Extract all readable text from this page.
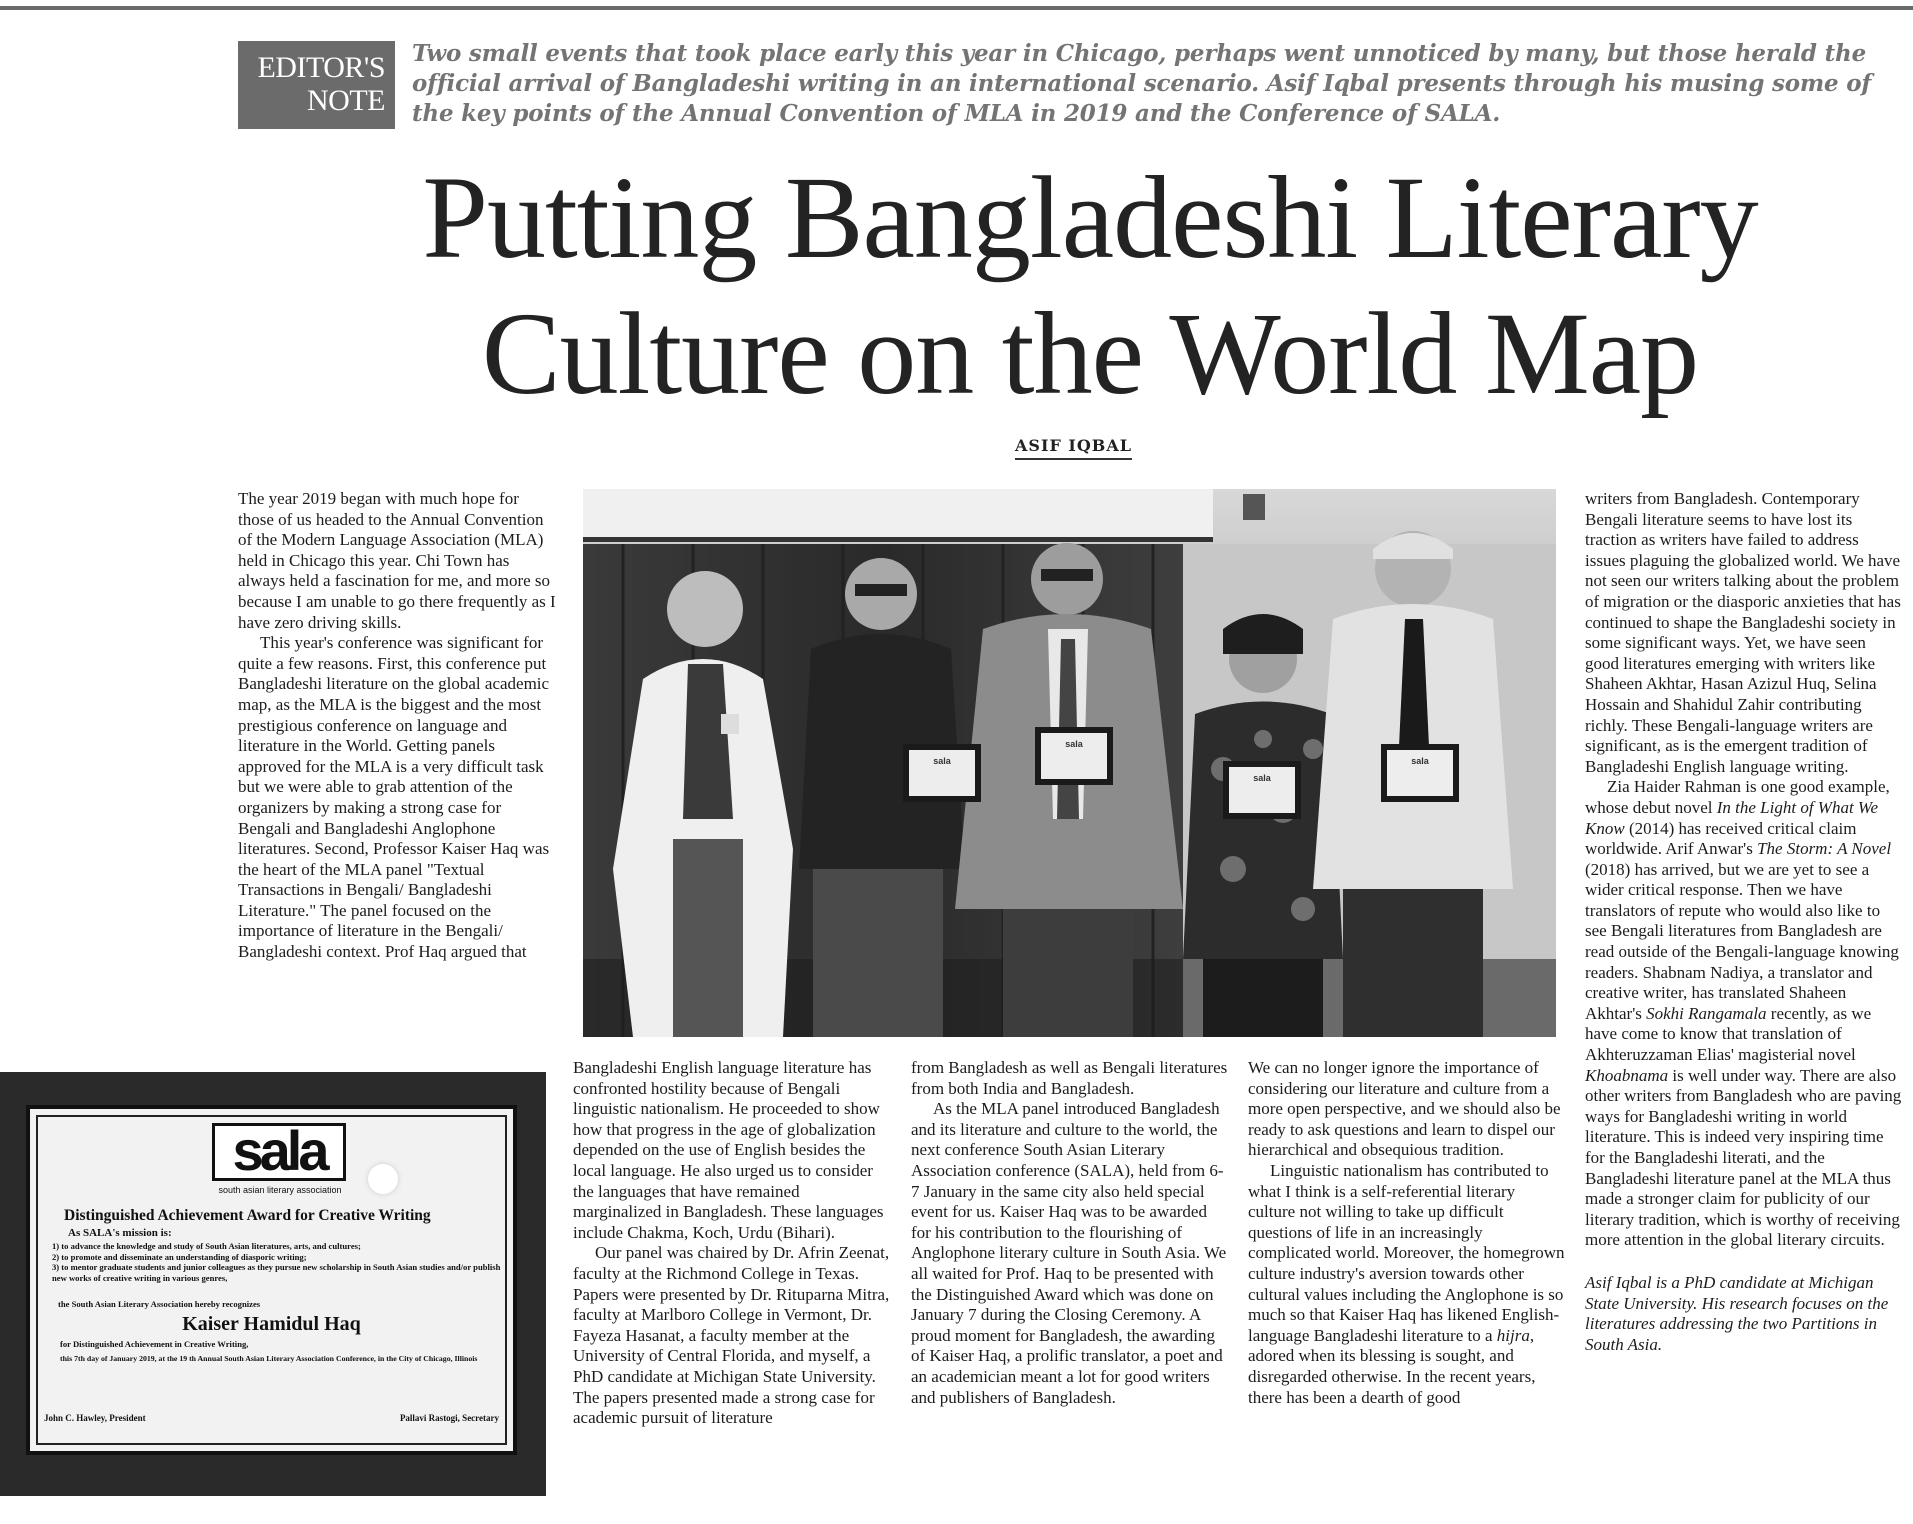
EDITOR'S
NOTE
Two small events that took place early this year in Chicago, perhaps went unnoticed by many, but those herald the official arrival of Bangladeshi writing in an international scenario. Asif Iqbal presents through his musing some of the key points of the Annual Convention of MLA in 2019 and the Conference of SALA.
Putting Bangladeshi Literary
Culture on the World Map
ASIF IQBAL

The year 2019 began with much hope for those of us headed to the Annual Convention of the Modern Language Association (MLA) held in Chicago this year. Chi Town has always held a fascination for me, and more so because I am unable to go there frequently as I have zero driving skills.

This year's conference was significant for quite a few reasons. First, this conference put Bangladeshi literature on the global academic map, as the MLA is the biggest and the most prestigious conference on language and literature in the World. Getting panels approved for the MLA is a very difficult task but we were able to grab attention of the organizers by making a strong case for Bengali and Bangladeshi Anglophone literatures. Second, Professor Kaiser Haq was the heart of the MLA panel "Textual Transactions in Bengali/ Bangladeshi Literature." The panel focused on the importance of literature in the Bengali/ Bangladeshi context. Prof Haq argued that

sala
sala
sala
sala
sala
south asian literary association
Distinguished Achievement Award for Creative Writing
As SALA's mission is:
1) to advance the knowledge and study of South Asian literatures, arts, and cultures;
2) to promote and disseminate an understanding of diasporic writing;
3) to mentor graduate students and junior colleagues as they pursue new scholarship in South Asian studies and/or publish new works of creative writing in various genres,
the South Asian Literary Association hereby recognizes
Kaiser Hamidul Haq
for Distinguished Achievement in Creative Writing,
this 7th day of January 2019, at the 19 th Annual South Asian Literary Association Conference, in the City of Chicago, Illinois
John C. Hawley, President	Pallavi Rastogi, Secretary

Bangladeshi English language literature has confronted hostility because of Bengali linguistic nationalism. He proceeded to show how that progress in the age of globalization depended on the use of English besides the local language. He also urged us to consider the languages that have remained marginalized in Bangladesh. These languages include Chakma, Koch, Urdu (Bihari).

Our panel was chaired by Dr. Afrin Zeenat, faculty at the Richmond College in Texas. Papers were presented by Dr. Rituparna Mitra, faculty at Marlboro College in Vermont, Dr. Fayeza Hasanat, a faculty member at the University of Central Florida, and myself, a PhD candidate at Michigan State University. The papers presented made a strong case for academic pursuit of literature

from Bangladesh as well as Bengali literatures from both India and Bangladesh.

As the MLA panel introduced Bangladesh and its literature and culture to the world, the next conference South Asian Literary Association conference (SALA), held from 6-7 January in the same city also held special event for us. Kaiser Haq was to be awarded for his contribution to the flourishing of Anglophone literary culture in South Asia. We all waited for Prof. Haq to be presented with the Distinguished Award which was done on January 7 during the Closing Ceremony. A proud moment for Bangladesh, the awarding of Kaiser Haq, a prolific translator, a poet and an academician meant a lot for good writers and publishers of Bangladesh.

We can no longer ignore the importance of considering our literature and culture from a more open perspective, and we should also be ready to ask questions and learn to dispel our hierarchical and obsequious tradition.

Linguistic nationalism has contributed to what I think is a self-referential literary culture not willing to take up difficult questions of life in an increasingly complicated world. Moreover, the homegrown culture industry's aversion towards other cultural values including the Anglophone is so much so that Kaiser Haq has likened English-language Bangladeshi literature to a hijra, adored when its blessing is sought, and disregarded otherwise. In the recent years, there has been a dearth of good

writers from Bangladesh. Contemporary Bengali literature seems to have lost its traction as writers have failed to address issues plaguing the globalized world. We have not seen our writers talking about the problem of migration or the diasporic anxieties that has continued to shape the Bangladeshi society in some significant ways. Yet, we have seen good literatures emerging with writers like Shaheen Akhtar, Hasan Azizul Huq, Selina Hossain and Shahidul Zahir contributing richly. These Bengali-language writers are significant, as is the emergent tradition of Bangladeshi English language writing.

Zia Haider Rahman is one good example, whose debut novel In the Light of What We Know (2014) has received critical claim worldwide. Arif Anwar's The Storm: A Novel (2018) has arrived, but we are yet to see a wider critical response. Then we have translators of repute who would also like to see Bengali literatures from Bangladesh are read outside of the Bengali-language knowing readers. Shabnam Nadiya, a translator and creative writer, has translated Shaheen Akhtar's Sokhi Rangamala recently, as we have come to know that translation of Akhteruzzaman Elias' magisterial novel Khoabnama is well under way. There are also other writers from Bangladesh who are paving ways for Bangladeshi writing in world literature. This is indeed very inspiring time for the Bangladeshi literati, and the Bangladeshi literature panel at the MLA thus made a stronger claim for publicity of our literary tradition, which is worthy of receiving more attention in the global literary circuits.

Asif Iqbal is a PhD candidate at Michigan State University. His research focuses on the literatures addressing the two Partitions in South Asia.
